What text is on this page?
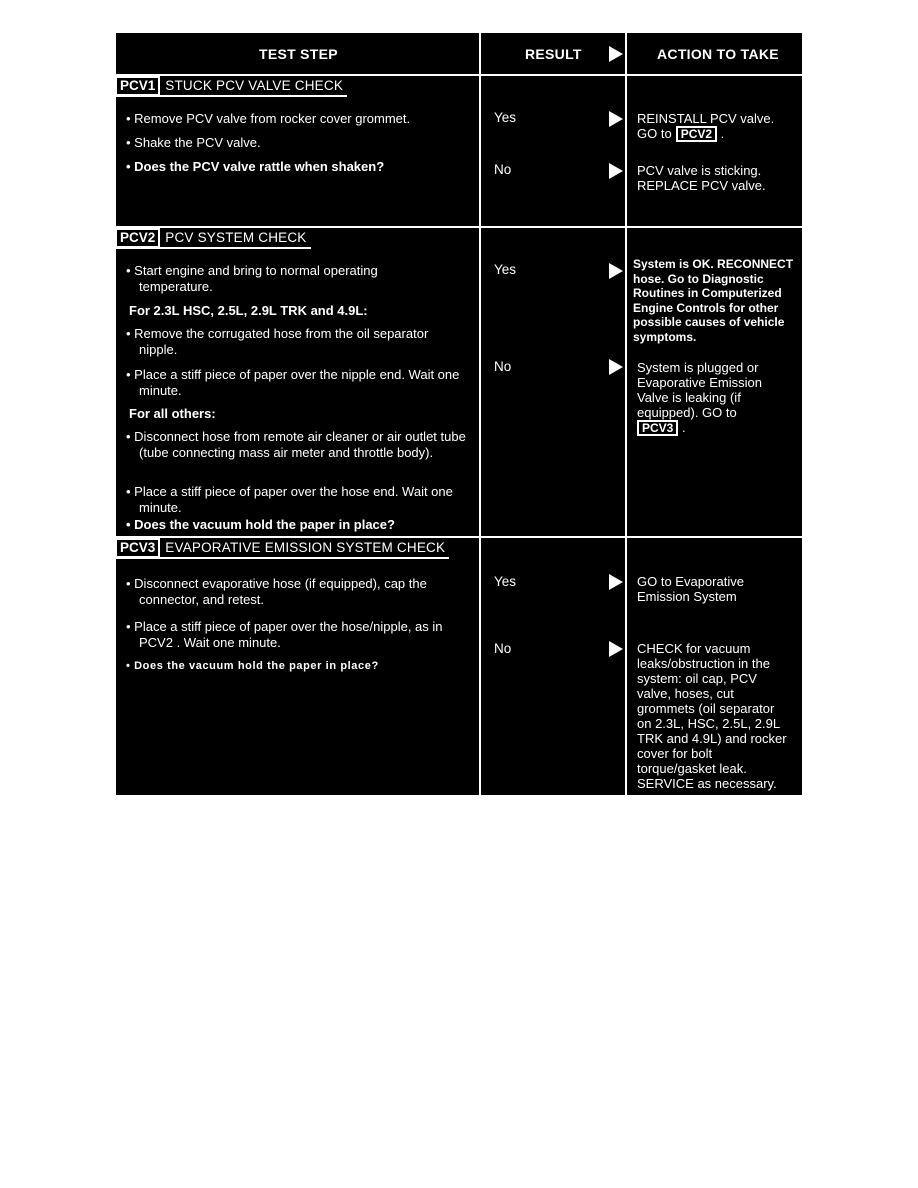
TEST STEP	RESULT	ACTION TO TAKE
PCV1 STUCK PCV VALVE CHECK
• Remove PCV valve from rocker cover grommet.
• Shake the PCV valve.
• Does the PCV valve rattle when shaken?
Yes	REINSTALL PCV valve.
GO to PCV2 .
No	PCV valve is sticking. REPLACE PCV valve.
PCV2 PCV SYSTEM CHECK
• Start engine and bring to normal operating temperature.
For 2.3L HSC, 2.5L, 2.9L TRK and 4.9L:
• Remove the corrugated hose from the oil separator nipple.
• Place a stiff piece of paper over the nipple end. Wait one minute.
For all others:
• Disconnect hose from remote air cleaner or air outlet tube (tube connecting mass air meter and throttle body).
• Place a stiff piece of paper over the hose end. Wait one minute.
• Does the vacuum hold the paper in place?
Yes	System is OK. RECONNECT hose. Go to Diagnostic Routines in Computerized Engine Controls for other possible causes of vehicle symptoms.
No	System is plugged or Evaporative Emission Valve is leaking (if equipped). GO to
PCV3 .
PCV3 EVAPORATIVE EMISSION SYSTEM CHECK
• Disconnect evaporative hose (if equipped), cap the connector, and retest.
• Place a stiff piece of paper over the hose/nipple, as in PCV2 . Wait one minute.
• Does the vacuum hold the paper in place?
Yes	GO to Evaporative Emission System
No	CHECK for vacuum leaks/obstruction in the system: oil cap, PCV valve, hoses, cut grommets (oil separator on 2.3L, HSC, 2.5L, 2.9L TRK and 4.9L) and rocker cover for bolt torque/gasket leak. SERVICE as necessary.
